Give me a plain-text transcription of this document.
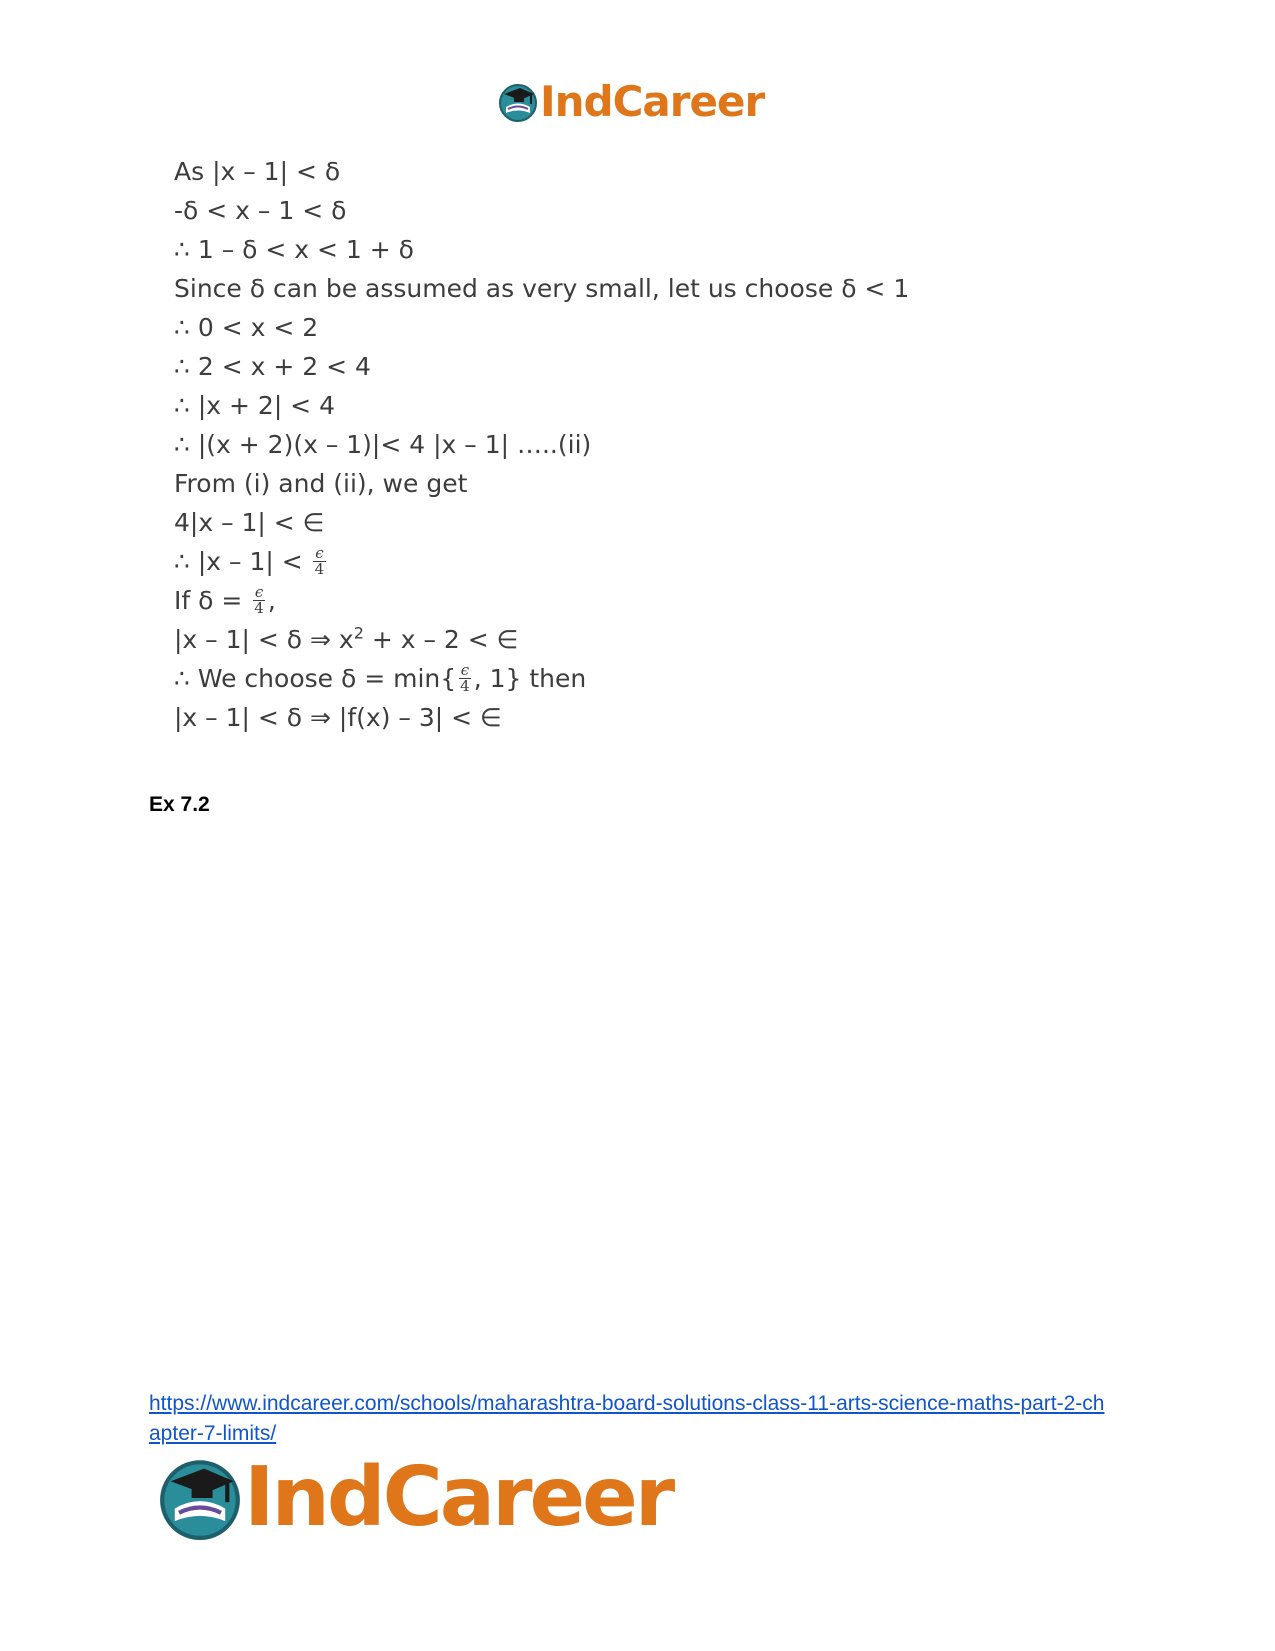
IndCareer
As |x – 1| < δ
-δ < x – 1 < δ
∴ 1 – δ < x < 1 + δ
Since δ can be assumed as very small, let us choose δ < 1
∴ 0 < x < 2
∴ 2 < x + 2 < 4
∴ |x + 2| < 4
∴ |(x + 2)(x – 1)|< 4 |x – 1| …..(ii)
From (i) and (ii), we get
4|x – 1| < ∈
∴ $|x - 1| < \frac{\epsilon}{4}$
If $\delta = \frac{\epsilon}{4}$ ,
|x – 1| < δ ⇒ $x^2 + x - 2$ < ∈
∴ We choose $\delta = \min\{ \frac{\epsilon}{4}$ , 1} then
|x – 1| < δ ⇒ |f(x) – 3| < ∈
Ex 7.2
https://www.indcareer.com/schools/maharashtra-board-solutions-class-11-arts-science-maths-part-2-chapter-7-limits/
IndCareer
